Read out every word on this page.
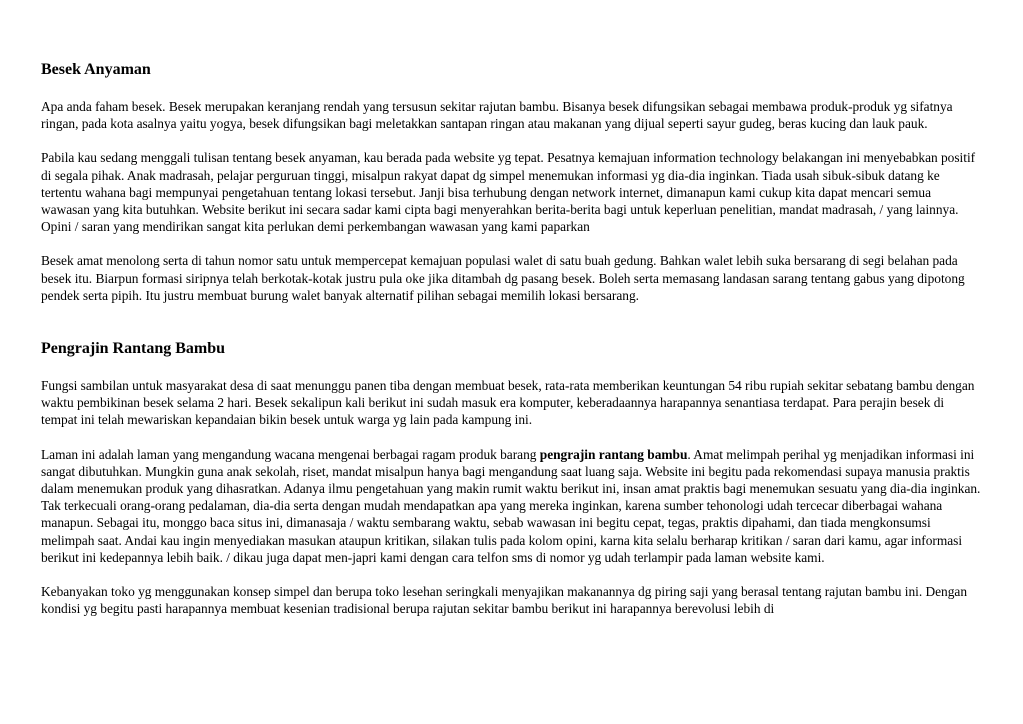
Besek Anyaman

Apa anda faham besek. Besek merupakan keranjang rendah yang tersusun sekitar rajutan bambu. Bisanya besek difungsikan sebagai membawa produk-produk yg sifatnya ringan, pada kota asalnya yaitu yogya, besek difungsikan bagi meletakkan santapan ringan atau makanan yang dijual seperti sayur gudeg, beras kucing dan lauk pauk.

Pabila kau sedang menggali tulisan tentang besek anyaman, kau berada pada website yg tepat. Pesatnya kemajuan information technology belakangan ini menyebabkan positif di segala pihak. Anak madrasah, pelajar perguruan tinggi, misalpun rakyat dapat dg simpel menemukan informasi yg dia-dia inginkan. Tiada usah sibuk-sibuk datang ke tertentu wahana bagi mempunyai pengetahuan tentang lokasi tersebut. Janji bisa terhubung dengan network internet, dimanapun kami cukup kita dapat mencari semua wawasan yang kita butuhkan. Website berikut ini secara sadar kami cipta bagi menyerahkan berita-berita bagi untuk keperluan penelitian, mandat madrasah, / yang lainnya. Opini / saran yang mendirikan sangat kita perlukan demi perkembangan wawasan yang kami paparkan

Besek amat menolong serta di tahun nomor satu untuk mempercepat kemajuan populasi walet di satu buah gedung. Bahkan walet lebih suka bersarang di segi belahan pada besek itu. Biarpun formasi siripnya telah berkotak-kotak justru pula oke jika ditambah dg pasang besek. Boleh serta memasang landasan sarang tentang gabus yang dipotong pendek serta pipih. Itu justru membuat burung walet banyak alternatif pilihan sebagai memilih lokasi bersarang.

Pengrajin Rantang Bambu

Fungsi sambilan untuk masyarakat desa di saat menunggu panen tiba dengan membuat besek, rata-rata memberikan keuntungan 54 ribu rupiah sekitar sebatang bambu dengan waktu pembikinan besek selama 2 hari. Besek sekalipun kali berikut ini sudah masuk era komputer, keberadaannya harapannya senantiasa terdapat. Para perajin besek di tempat ini telah mewariskan kepandaian bikin besek untuk warga yg lain pada kampung ini.

Laman ini adalah laman yang mengandung wacana mengenai berbagai ragam produk barang pengrajin rantang bambu. Amat melimpah perihal yg menjadikan informasi ini sangat dibutuhkan. Mungkin guna anak sekolah, riset, mandat misalpun hanya bagi mengandung saat luang saja. Website ini begitu pada rekomendasi supaya manusia praktis dalam menemukan produk yang dihasratkan. Adanya ilmu pengetahuan yang makin rumit waktu berikut ini, insan amat praktis bagi menemukan sesuatu yang dia-dia inginkan. Tak terkecuali orang-orang pedalaman, dia-dia serta dengan mudah mendapatkan apa yang mereka inginkan, karena sumber tehonologi udah tercecar diberbagai wahana manapun. Sebagai itu, monggo baca situs ini, dimanasaja / waktu sembarang waktu, sebab wawasan ini begitu cepat, tegas, praktis dipahami, dan tiada mengkonsumsi melimpah saat. Andai kau ingin menyediakan masukan ataupun kritikan, silakan tulis pada kolom opini, karna kita selalu berharap kritikan / saran dari kamu, agar informasi berikut ini kedepannya lebih baik. / dikau juga dapat men-japri kami dengan cara telfon sms di nomor yg udah terlampir pada laman website kami.

Kebanyakan toko yg menggunakan konsep simpel dan berupa toko lesehan seringkali menyajikan makanannya dg piring saji yang berasal tentang rajutan bambu ini. Dengan kondisi yg begitu pasti harapannya membuat kesenian tradisional berupa rajutan sekitar bambu berikut ini harapannya berevolusi lebih di
